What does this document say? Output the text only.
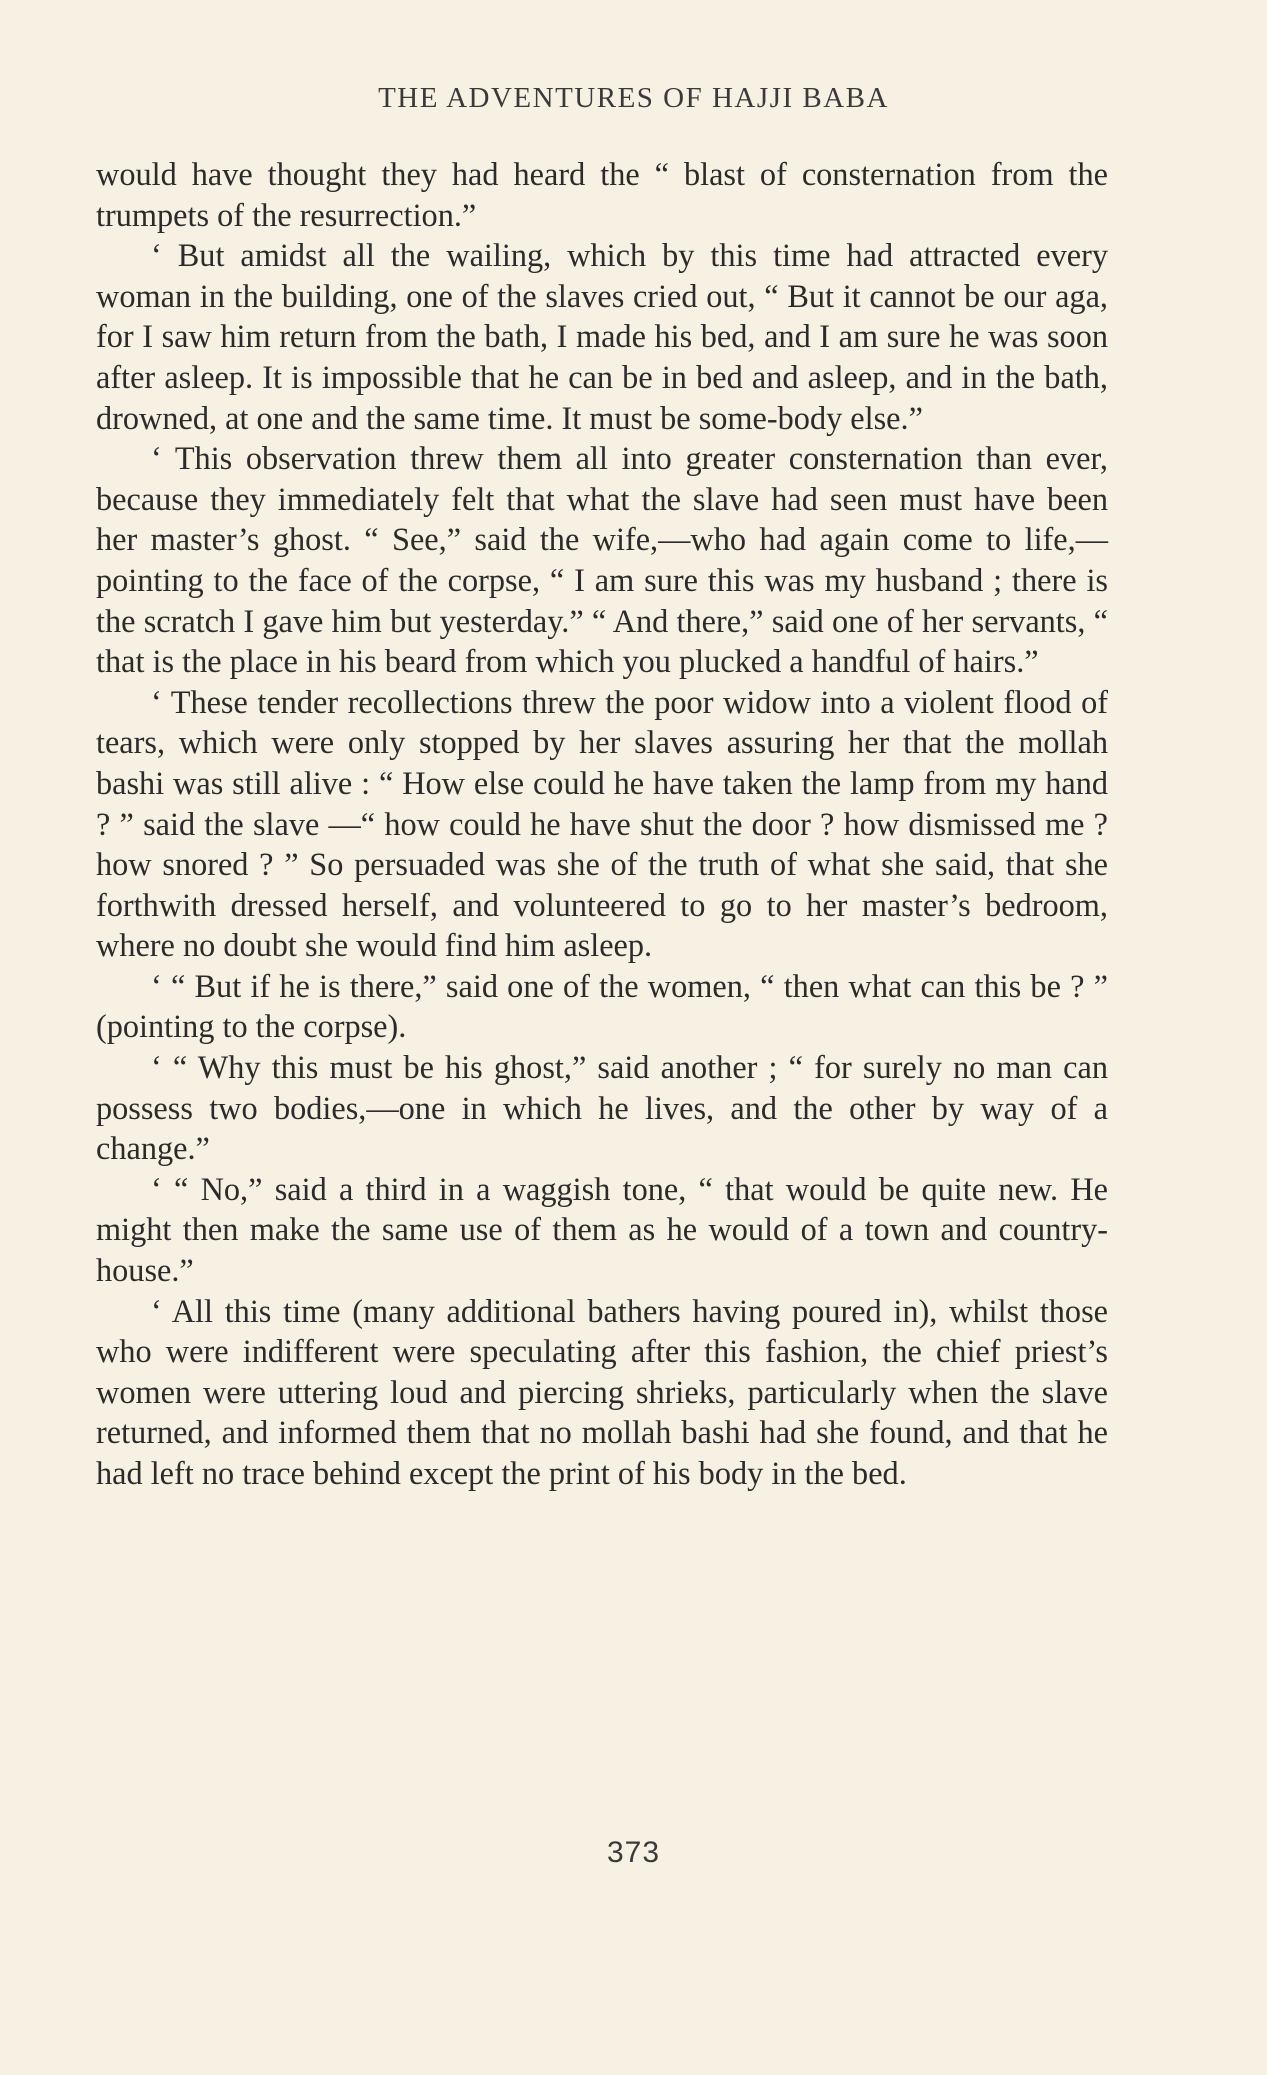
THE ADVENTURES OF HAJJI BABA

would have thought they had heard the “ blast of consternation from the trumpets of the resurrection.”

‘ But amidst all the wailing, which by this time had attracted every woman in the building, one of the slaves cried out, “ But it cannot be our aga, for I saw him return from the bath, I made his bed, and I am sure he was soon after asleep. It is impossible that he can be in bed and asleep, and in the bath, drowned, at one and the same time. It must be some-body else.”

‘ This observation threw them all into greater consternation than ever, because they immediately felt that what the slave had seen must have been her master’s ghost. “ See,” said the wife,—who had again come to life,—pointing to the face of the corpse, “ I am sure this was my husband ; there is the scratch I gave him but yesterday.” “ And there,” said one of her servants, “ that is the place in his beard from which you plucked a handful of hairs.”

‘ These tender recollections threw the poor widow into a violent flood of tears, which were only stopped by her slaves assuring her that the mollah bashi was still alive : “ How else could he have taken the lamp from my hand ? ” said the slave —“ how could he have shut the door ? how dismissed me ? how snored ? ” So persuaded was she of the truth of what she said, that she forthwith dressed herself, and volunteered to go to her master’s bedroom, where no doubt she would find him asleep.

‘ “ But if he is there,” said one of the women, “ then what can this be ? ” (pointing to the corpse).

‘ “ Why this must be his ghost,” said another ; “ for surely no man can possess two bodies,—one in which he lives, and the other by way of a change.”

‘ “ No,” said a third in a waggish tone, “ that would be quite new. He might then make the same use of them as he would of a town and country-house.”

‘ All this time (many additional bathers having poured in), whilst those who were indifferent were speculating after this fashion, the chief priest’s women were uttering loud and piercing shrieks, particularly when the slave returned, and informed them that no mollah bashi had she found, and that he had left no trace behind except the print of his body in the bed.

373
